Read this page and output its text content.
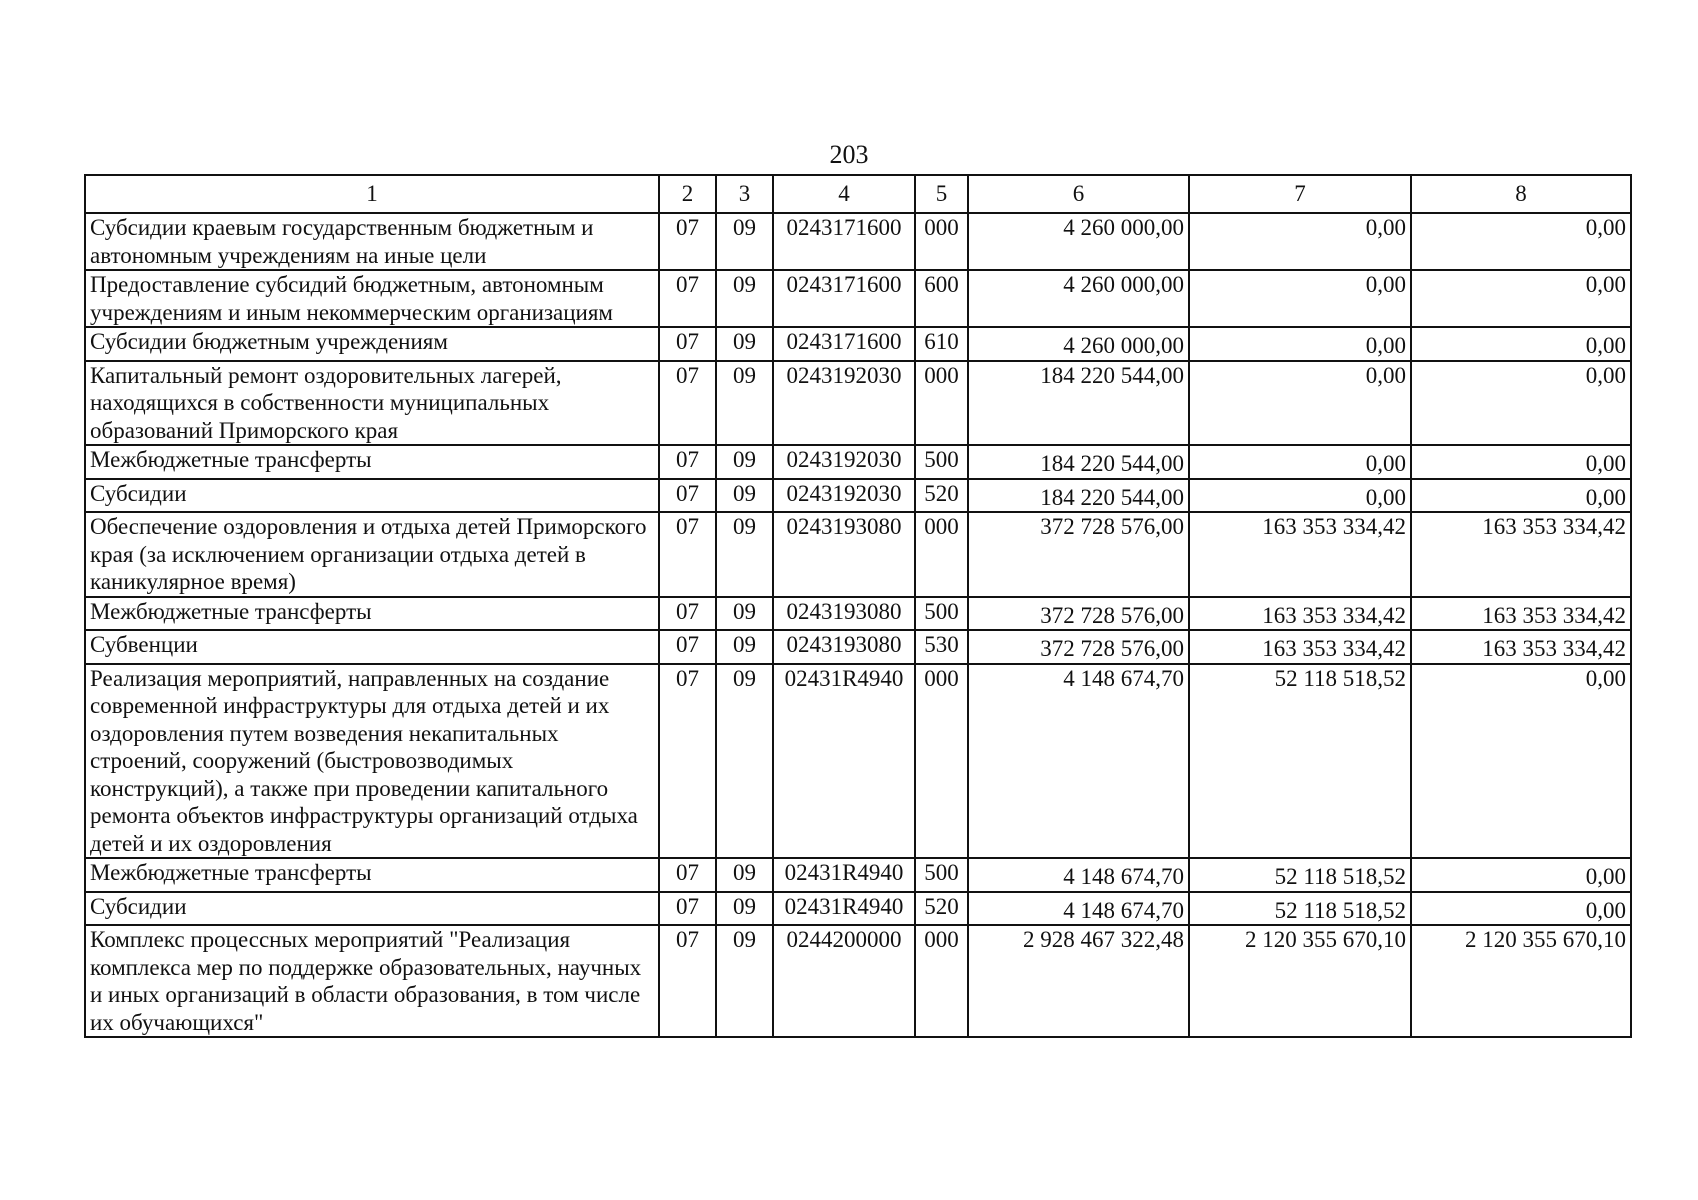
203
1	2	3	4	5	6	7	8
Субсидии краевым государственным бюджетным и автономным учреждениям на иные цели	07	09	0243171600	000	4 260 000,00	0,00	0,00
Предоставление субсидий бюджетным, автономным учреждениям и иным некоммерческим организациям	07	09	0243171600	600	4 260 000,00	0,00	0,00
Субсидии бюджетным учреждениям	07	09	0243171600	610	4 260 000,00	0,00	0,00
Капитальный ремонт оздоровительных лагерей, находящихся в собственности муниципальных образований Приморского края	07	09	0243192030	000	184 220 544,00	0,00	0,00
Межбюджетные трансферты	07	09	0243192030	500	184 220 544,00	0,00	0,00
Субсидии	07	09	0243192030	520	184 220 544,00	0,00	0,00
Обеспечение оздоровления и отдыха детей Приморского края (за исключением организации отдыха детей в каникулярное время)	07	09	0243193080	000	372 728 576,00	163 353 334,42	163 353 334,42
Межбюджетные трансферты	07	09	0243193080	500	372 728 576,00	163 353 334,42	163 353 334,42
Субвенции	07	09	0243193080	530	372 728 576,00	163 353 334,42	163 353 334,42
Реализация мероприятий, направленных на создание современной инфраструктуры для отдыха детей и их оздоровления путем возведения некапитальных строений, сооружений (быстровозводимых конструкций), а также при проведении капитального ремонта объектов инфраструктуры организаций отдыха детей и их оздоровления	07	09	02431R4940	000	4 148 674,70	52 118 518,52	0,00
Межбюджетные трансферты	07	09	02431R4940	500	4 148 674,70	52 118 518,52	0,00
Субсидии	07	09	02431R4940	520	4 148 674,70	52 118 518,52	0,00
Комплекс процессных мероприятий "Реализация комплекса мер по поддержке образовательных, научных и иных организаций в области образования, в том числе их обучающихся"	07	09	0244200000	000	2 928 467 322,48	2 120 355 670,10	2 120 355 670,10
